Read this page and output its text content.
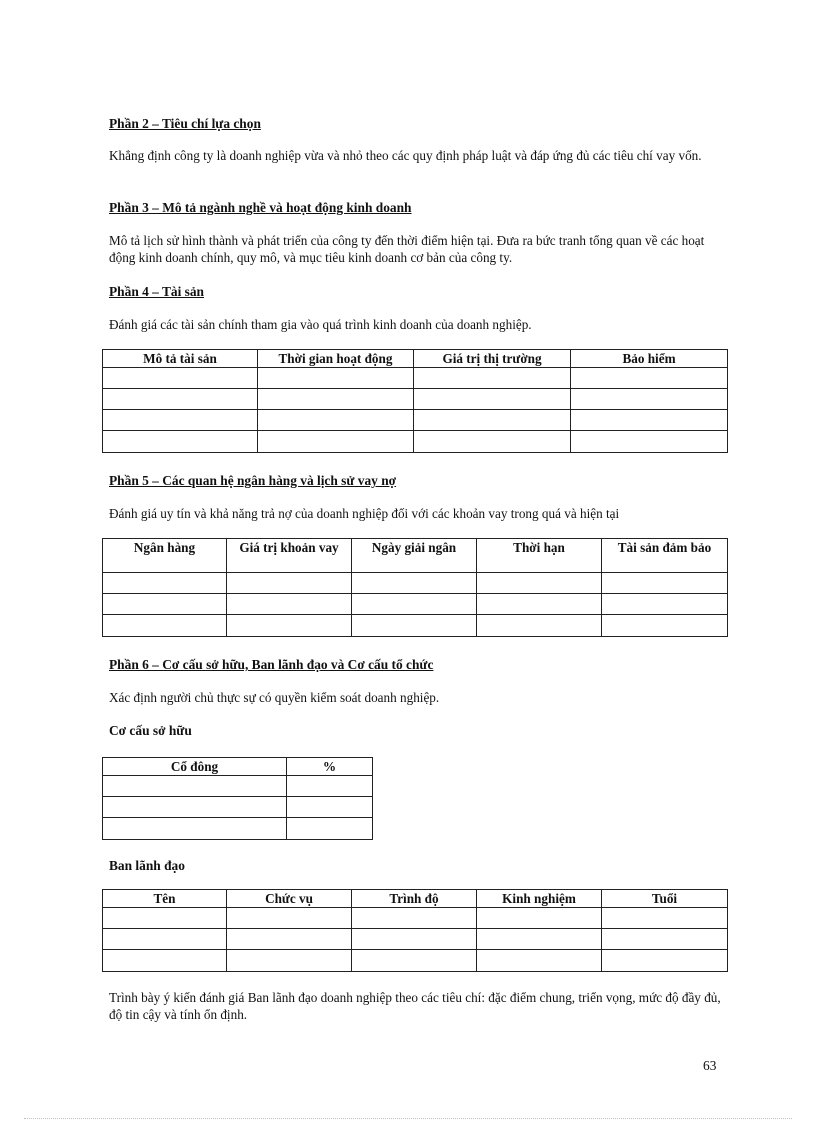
Phần 2 – Tiêu chí lựa chọn

Khẳng định công ty là doanh nghiệp vừa và nhỏ theo các quy định pháp luật và đáp ứng đủ các tiêu chí vay vốn.

Phần 3 – Mô tả ngành nghề và hoạt động kinh doanh

Mô tả lịch sử hình thành và phát triển của công ty đến thời điểm hiện tại. Đưa ra bức tranh tổng quan về các hoạt động kinh doanh chính, quy mô, và mục tiêu kinh doanh cơ bản của công ty.

Phần 4 – Tài sản

Đánh giá các tài sản chính tham gia vào quá trình kinh doanh của doanh nghiệp.

Mô tả tài sản	Thời gian hoạt động	Giá trị thị trường	Bảo hiểm

Phần 5 – Các quan hệ ngân hàng và lịch sử vay nợ

Đánh giá uy tín và khả năng trả nợ của doanh nghiệp đối với các khoản vay trong quá và hiện tại

Ngân hàng	Giá trị khoản vay	Ngày giải ngân	Thời hạn	Tài sản đảm bảo

Phần 6 – Cơ cấu sở hữu, Ban lãnh đạo và Cơ cấu tổ chức

Xác định người chủ thực sự có quyền kiểm soát doanh nghiệp.

Cơ cấu sở hữu

Cổ đông	%

Ban lãnh đạo

Tên	Chức vụ	Trình độ	Kinh nghiệm	Tuổi

Trình bày ý kiến đánh giá Ban lãnh đạo doanh nghiệp theo các tiêu chí: đặc điểm chung, triển vọng, mức độ đầy đủ, độ tin cậy và tính ổn định.

63
